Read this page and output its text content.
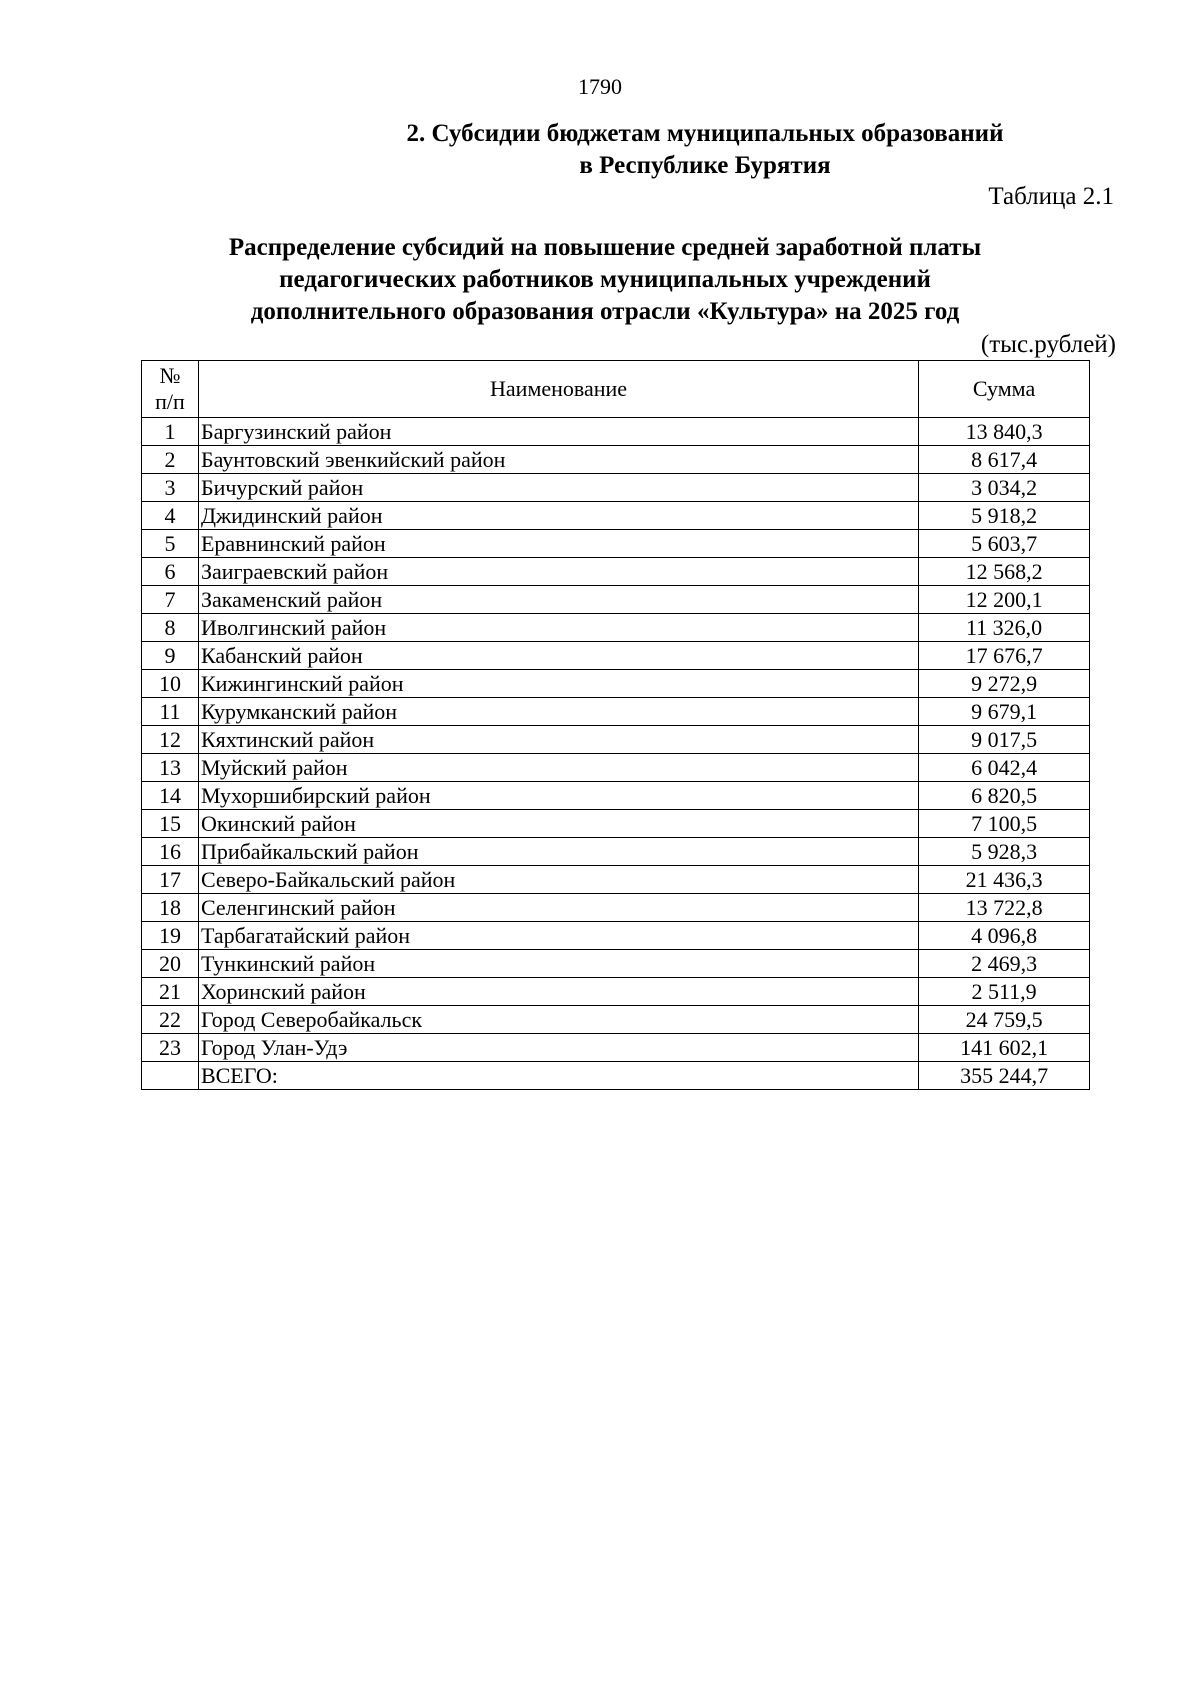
1790
2. Субсидии бюджетам муниципальных образований
в Республике Бурятия
Таблица 2.1
Распределение субсидий на повышение средней заработной платы
педагогических работников муниципальных учреждений
дополнительного образования отрасли «Культура» на 2025 год
(тыс.рублей)
№
п/п	Наименование	Сумма
1	Баргузинский район	13 840,3
2	Баунтовский эвенкийский район	8 617,4
3	Бичурский район	3 034,2
4	Джидинский район	5 918,2
5	Еравнинский район	5 603,7
6	Заиграевский район	12 568,2
7	Закаменский район	12 200,1
8	Иволгинский район	11 326,0
9	Кабанский район	17 676,7
10	Кижингинский район	9 272,9
11	Курумканский район	9 679,1
12	Кяхтинский район	9 017,5
13	Муйский район	6 042,4
14	Мухоршибирский район	6 820,5
15	Окинский район	7 100,5
16	Прибайкальский район	5 928,3
17	Северо-Байкальский район	21 436,3
18	Селенгинский район	13 722,8
19	Тарбагатайский район	4 096,8
20	Тункинский район	2 469,3
21	Хоринский район	2 511,9
22	Город Северобайкальск	24 759,5
23	Город Улан-Удэ	141 602,1
	ВСЕГО:	355 244,7
